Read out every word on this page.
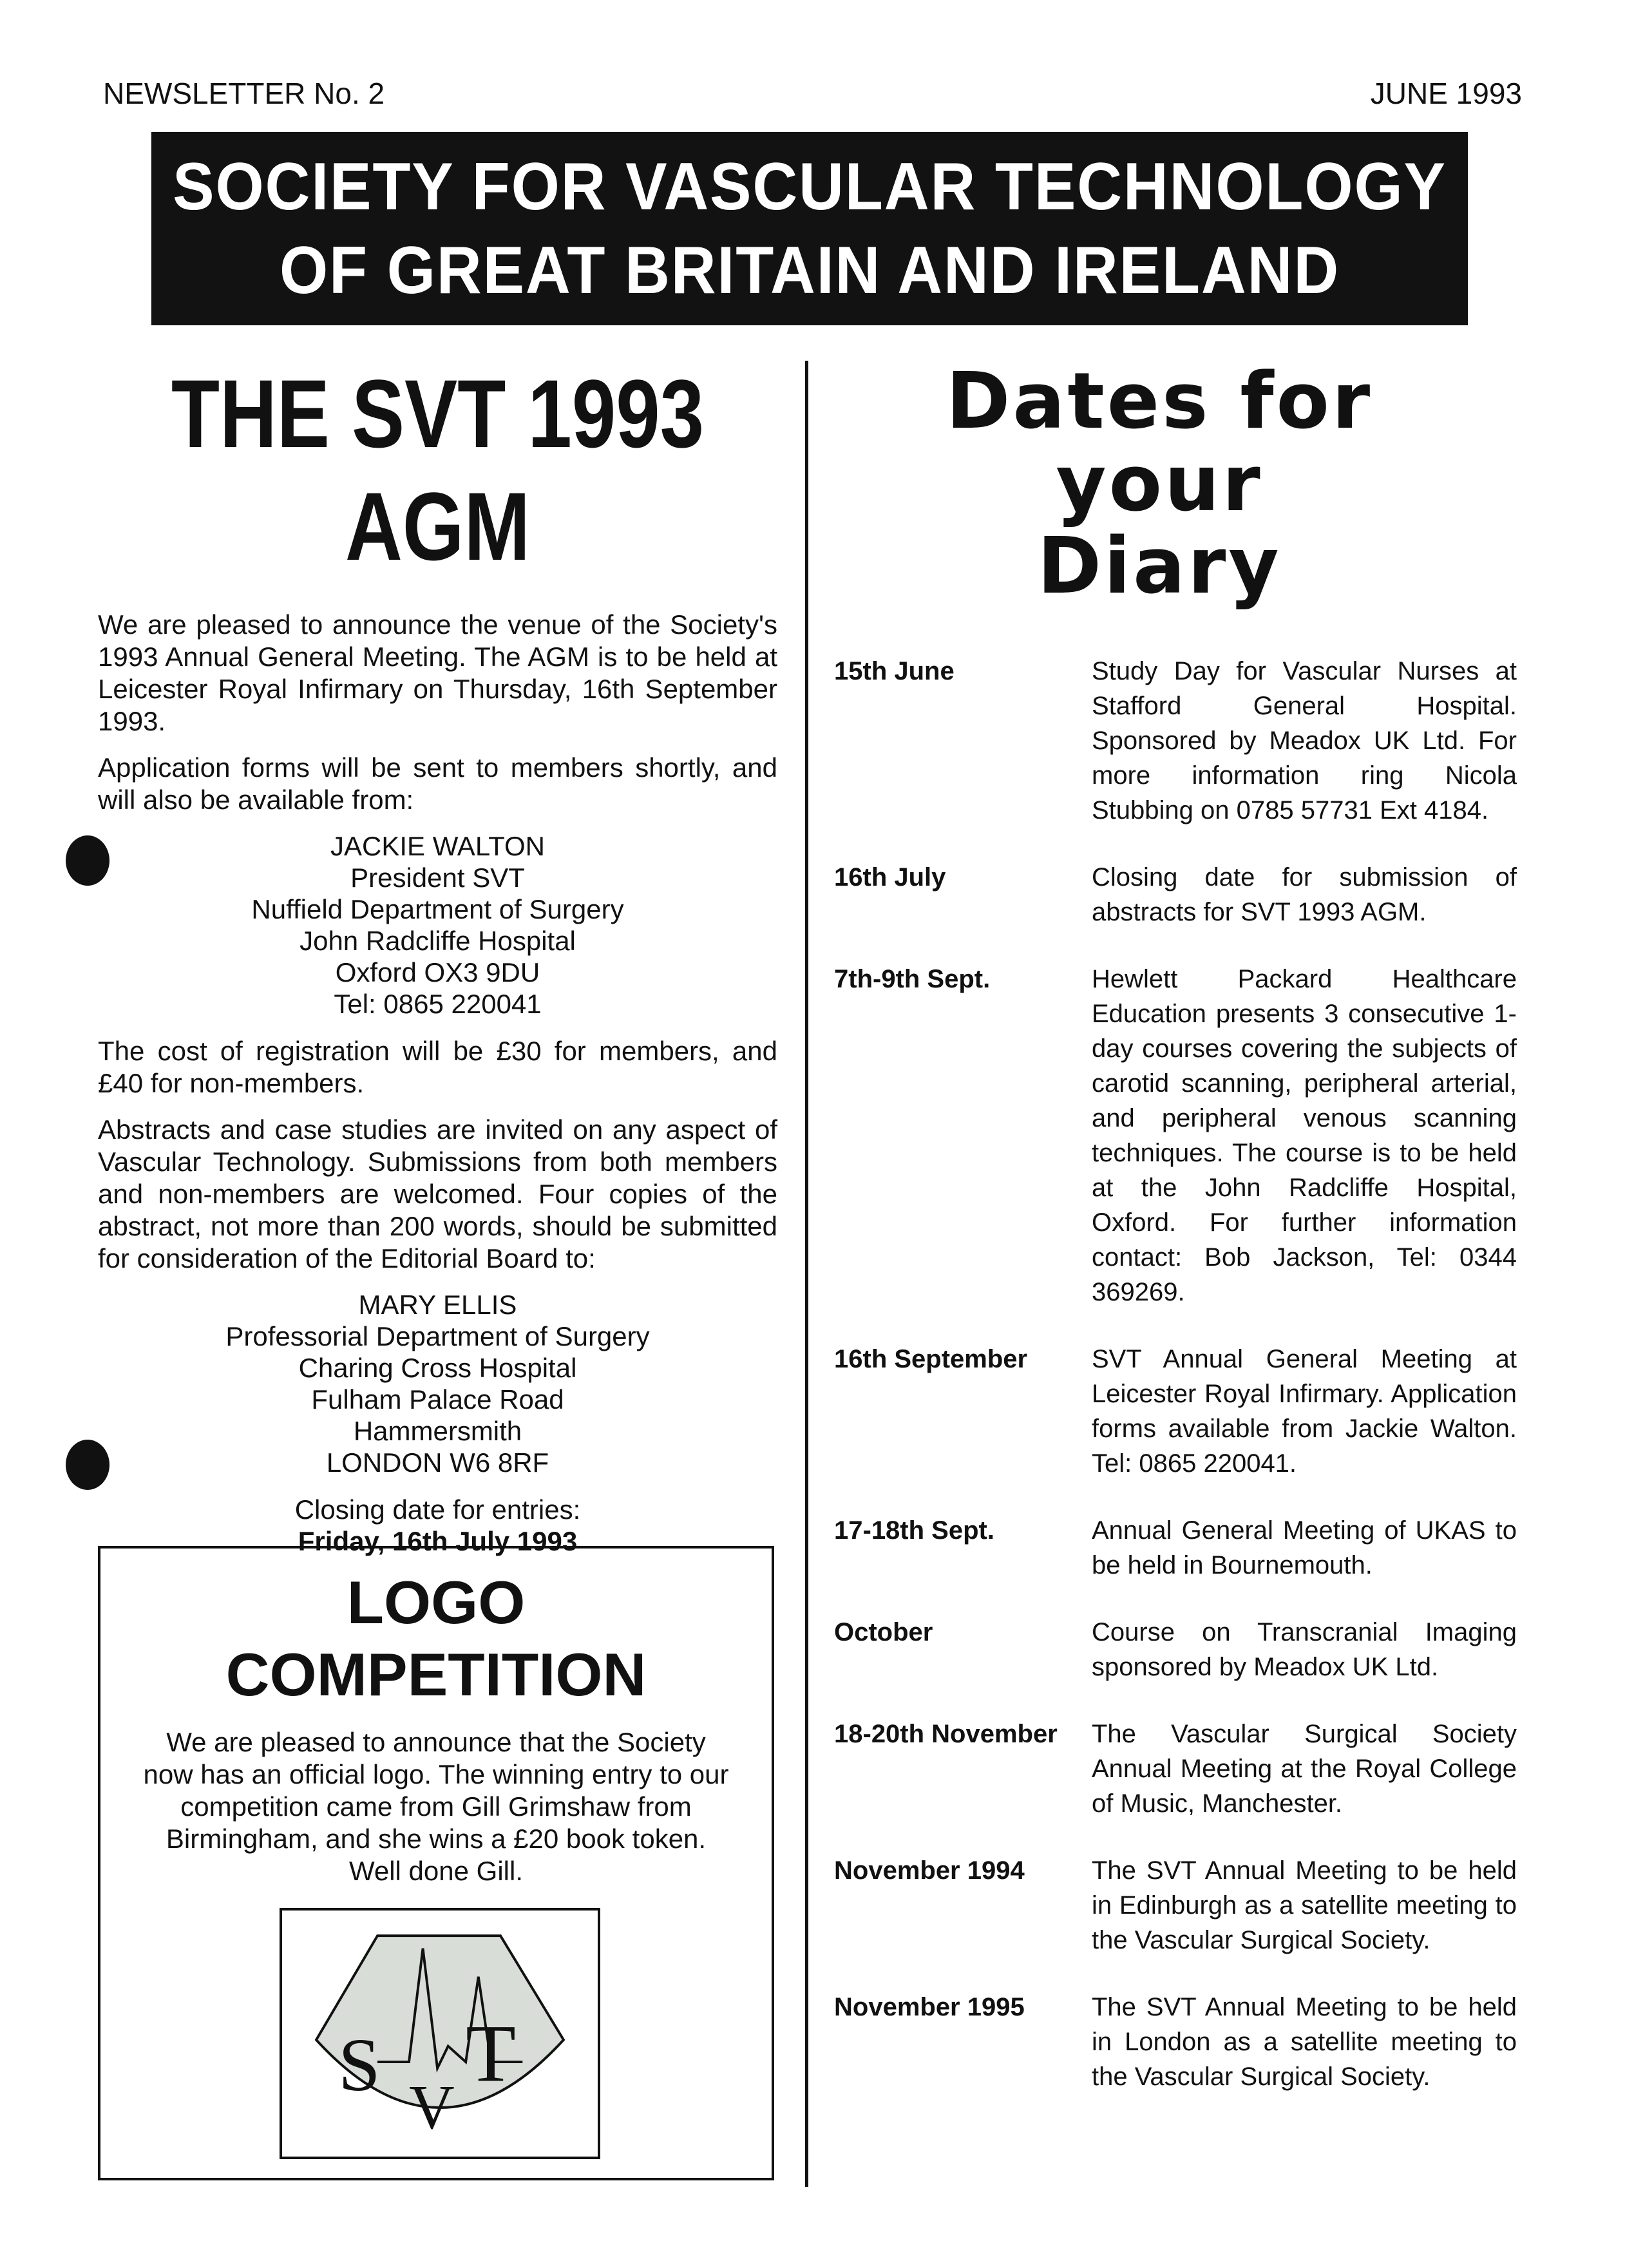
NEWSLETTER No. 2	JUNE 1993
SOCIETY FOR VASCULAR TECHNOLOGY
OF GREAT BRITAIN AND IRELAND
THE SVT 1993
AGM

We are pleased to announce the venue of the Society's 1993 Annual General Meeting. The AGM is to be held at Leicester Royal Infirmary on Thursday, 16th September 1993.

Application forms will be sent to members shortly, and will also be available from:

JACKIE WALTON
President SVT
Nuffield Department of Surgery
John Radcliffe Hospital
Oxford OX3 9DU
Tel: 0865 220041

The cost of registration will be £30 for members, and £40 for non-members.

Abstracts and case studies are invited on any aspect of Vascular Technology. Submissions from both members and non-members are welcomed. Four copies of the abstract, not more than 200 words, should be submitted for consideration of the Editorial Board to:

MARY ELLIS
Professorial Department of Surgery
Charing Cross Hospital
Fulham Palace Road
Hammersmith
LONDON W6 8RF
Closing date for entries:
Friday, 16th July 1993
LOGO
COMPETITION
We are pleased to announce that the Society now has an official logo. The winning entry to our competition came from Gill Grimshaw from Birmingham, and she wins a £20 book token. Well done Gill.
S
V
T
Dates for
your
Diary
15th June	Study Day for Vascular Nurses at Stafford General Hospital. Sponsored by Meadox UK Ltd. For more information ring Nicola Stubbing on 0785 57731 Ext 4184.
16th July	Closing date for submission of abstracts for SVT 1993 AGM.
7th-9th Sept.	Hewlett Packard Healthcare Education presents 3 consecutive 1-day courses covering the subjects of carotid scanning, peripheral arterial, and peripheral venous scanning techniques. The course is to be held at the John Radcliffe Hospital, Oxford. For further information contact: Bob Jackson, Tel: 0344 369269.
16th September	SVT Annual General Meeting at Leicester Royal Infirmary. Application forms available from Jackie Walton. Tel: 0865 220041.
17-18th Sept.	Annual General Meeting of UKAS to be held in Bournemouth.
October	Course on Transcranial Imaging sponsored by Meadox UK Ltd.
18-20th November	The Vascular Surgical Society Annual Meeting at the Royal College of Music, Manchester.
November 1994	The SVT Annual Meeting to be held in Edinburgh as a satellite meeting to the Vascular Surgical Society.
November 1995	The SVT Annual Meeting to be held in London as a satellite meeting to the Vascular Surgical Society.
